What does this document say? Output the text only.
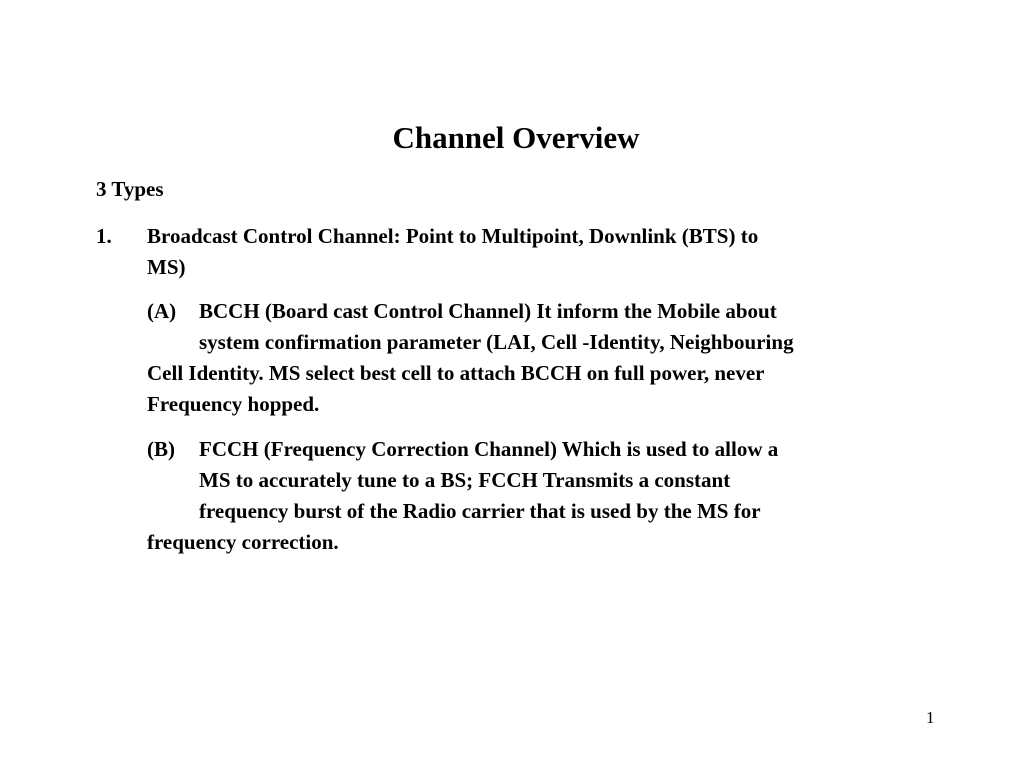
Channel Overview
3 Types
1. Broadcast Control Channel: Point to Multipoint, Downlink (BTS) to
MS)
(A) BCCH (Board cast Control Channel) It inform the Mobile about
system confirmation parameter (LAI, Cell -Identity, Neighbouring
Cell Identity. MS select best cell to attach BCCH on full power, never
Frequency hopped.
(B) FCCH (Frequency Correction Channel) Which is used to allow a
MS to accurately tune to a BS; FCCH Transmits a constant
frequency burst of the Radio carrier that is used by the MS for
frequency correction.
1
